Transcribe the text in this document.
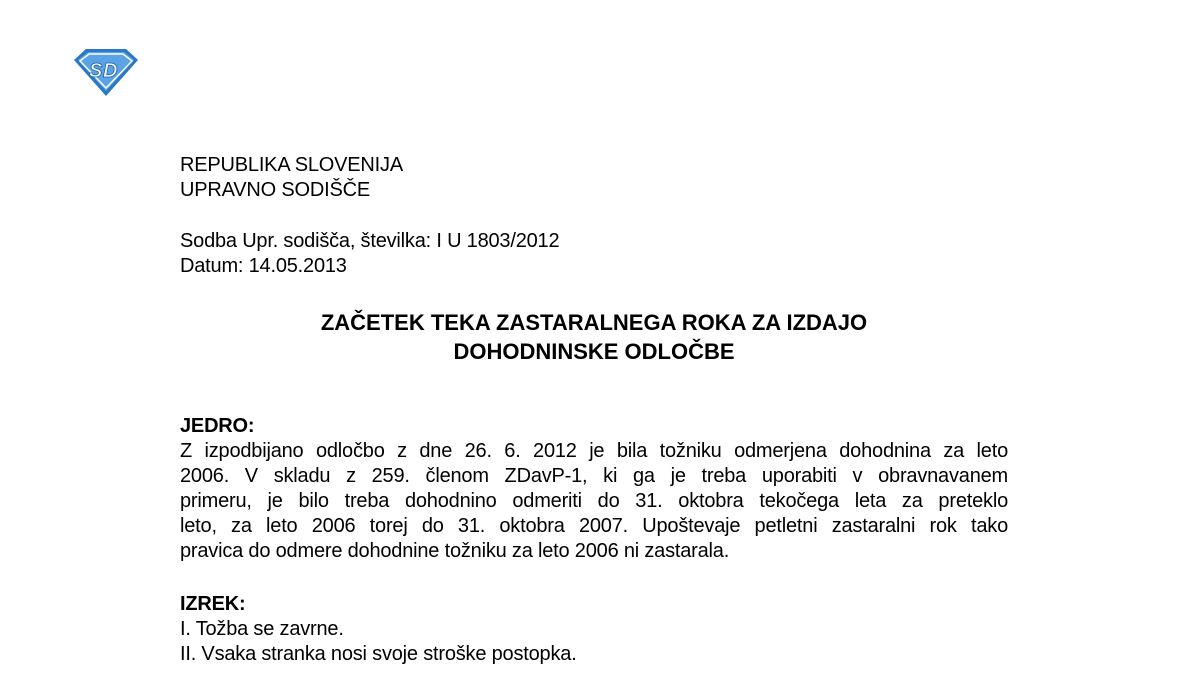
S D
REPUBLIKA SLOVENIJA
UPRAVNO SODIŠČE
Sodba Upr. sodišča, številka: I U 1803/2012
Datum: 14.05.2013
ZAČETEK TEKA ZASTARALNEGA ROKA ZA IZDAJO
DOHODNINSKE ODLOČBE
JEDRO:
Z izpodbijano odločbo z dne 26. 6. 2012 je bila tožniku odmerjena dohodnina za leto
2006. V skladu z 259. členom ZDavP-1, ki ga je treba uporabiti v obravnavanem
primeru, je bilo treba dohodnino odmeriti do 31. oktobra tekočega leta za preteklo
leto, za leto 2006 torej do 31. oktobra 2007. Upoštevaje petletni zastaralni rok tako
pravica do odmere dohodnine tožniku za leto 2006 ni zastarala.
IZREK:
I. Tožba se zavrne.
II. Vsaka stranka nosi svoje stroške postopka.
